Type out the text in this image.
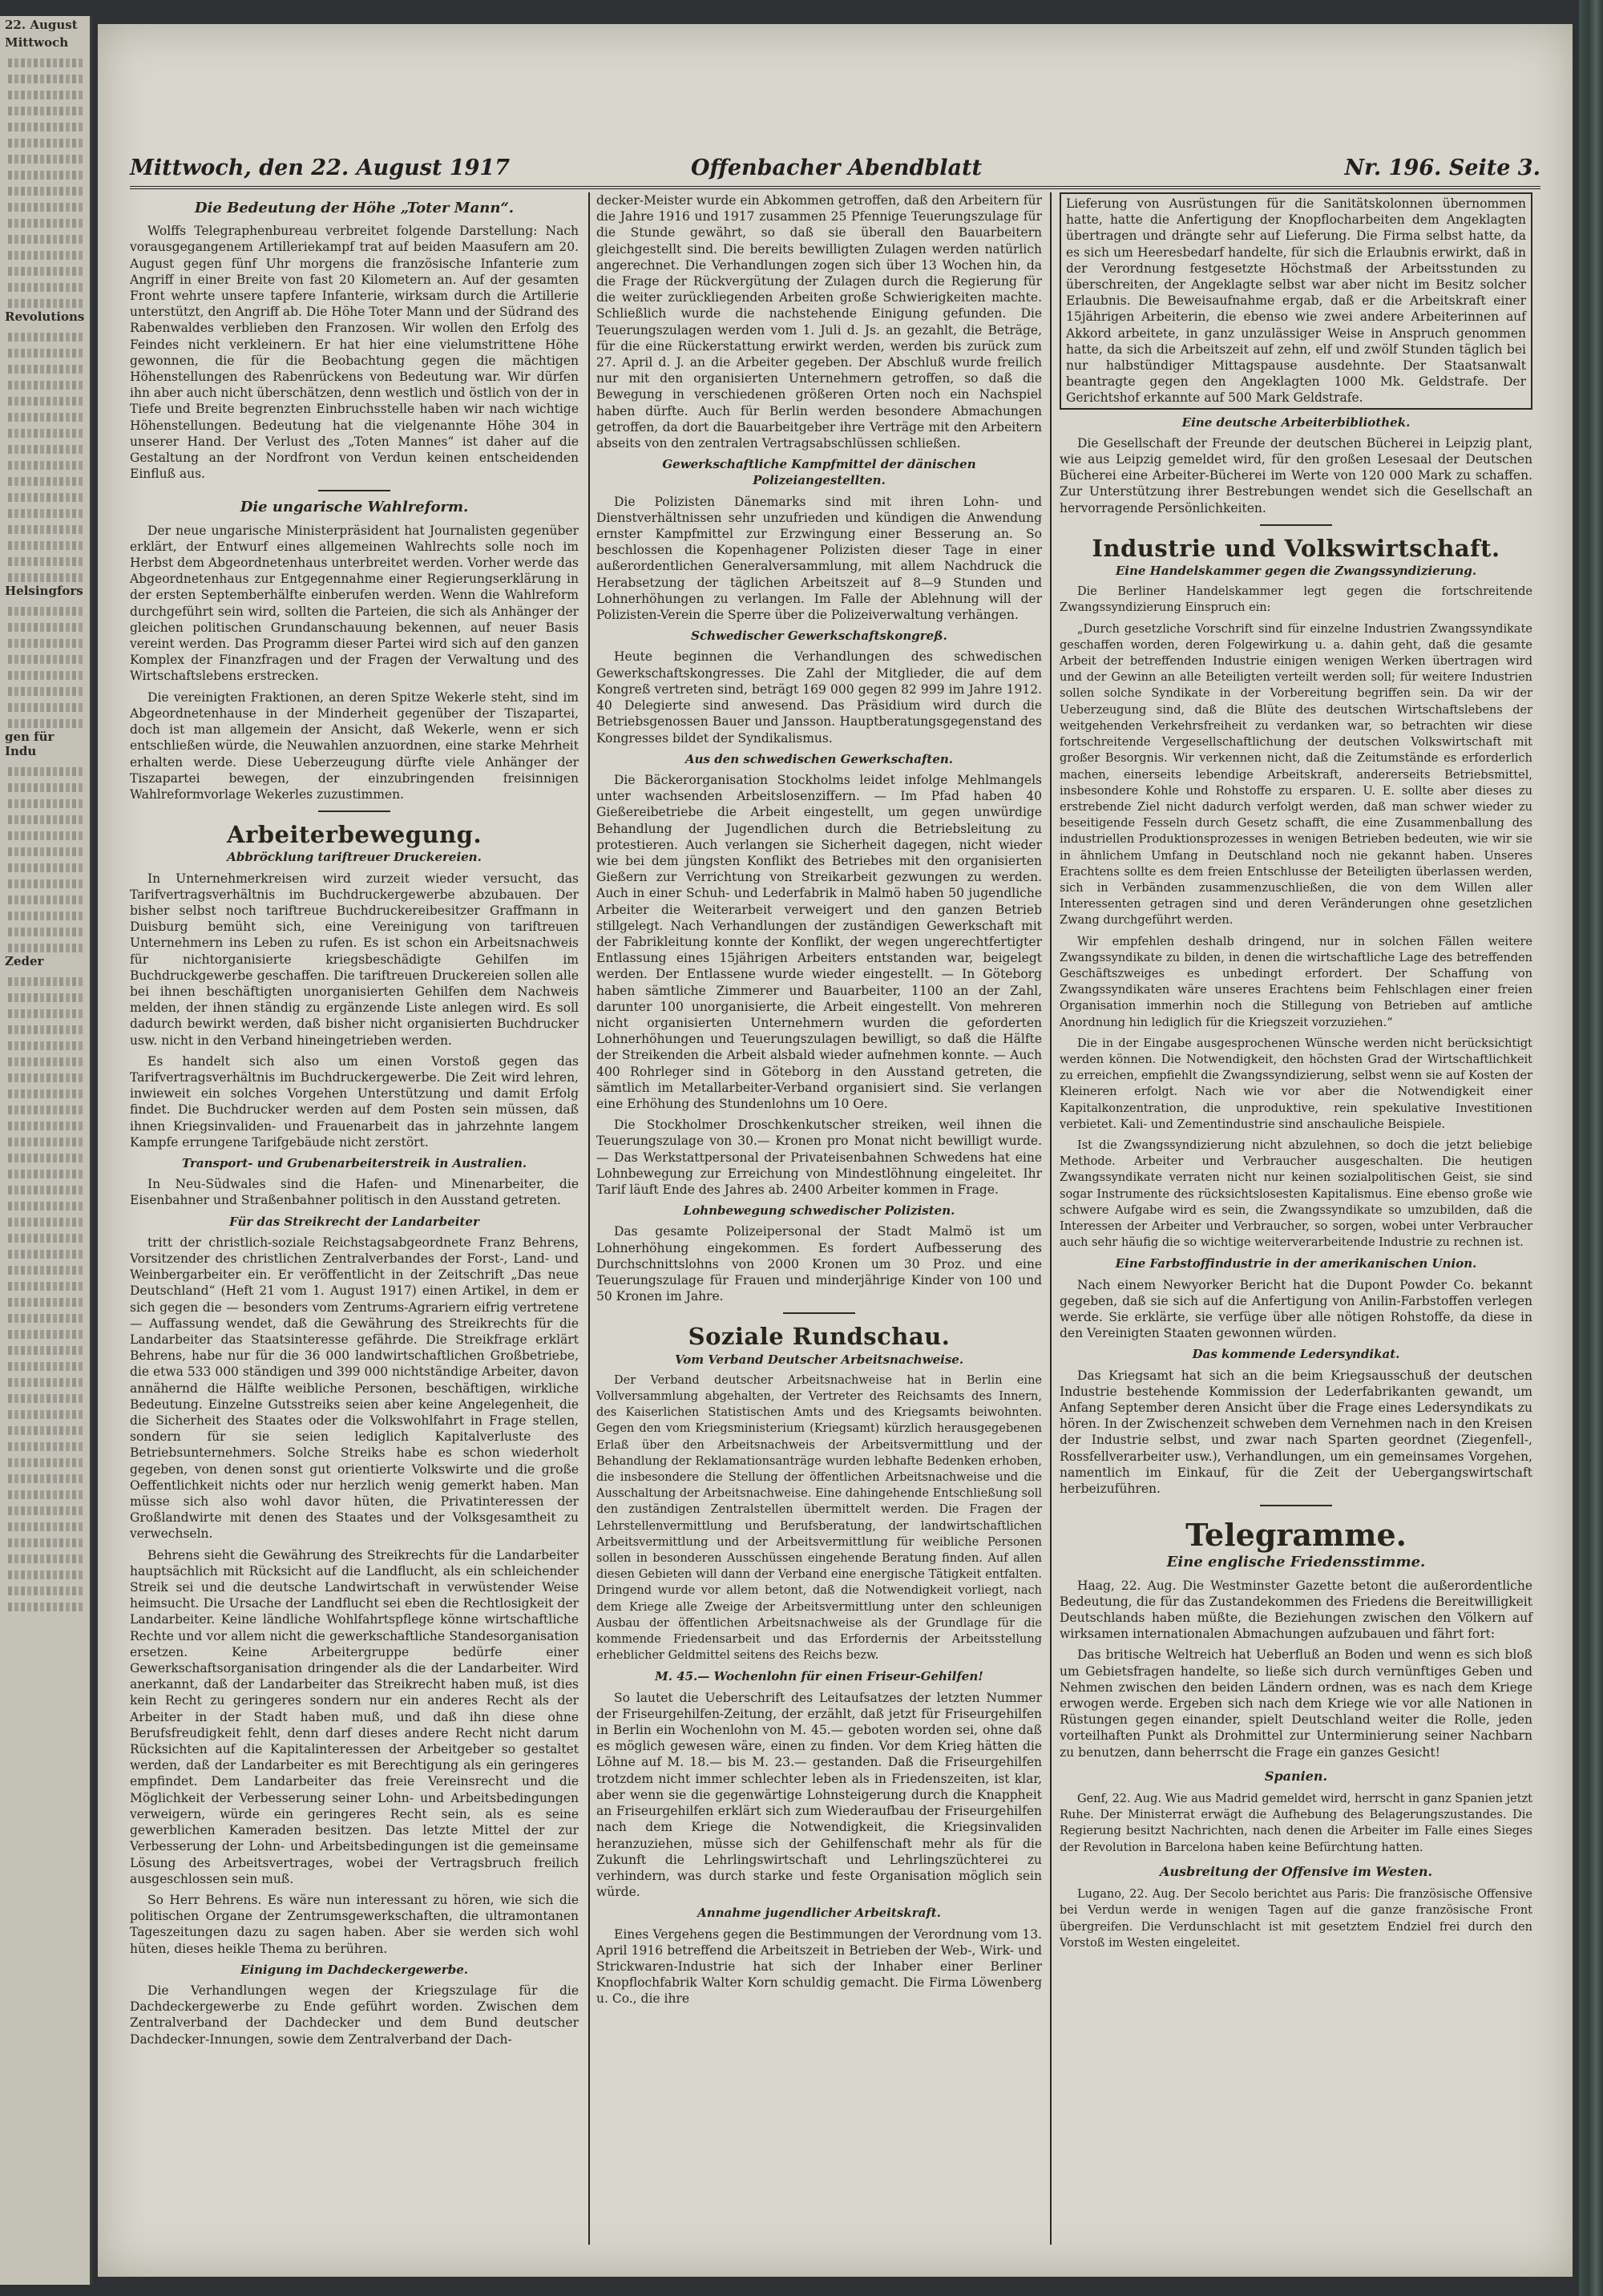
22. August
Mittwoch
Revolutions
Helsingfors
gen für Indu
Zeder
Mittwoch, den 22. August 1917	Offenbacher Abendblatt	Nr. 196. Seite 3.
Die Bedeutung der Höhe „Toter Mann“.

Wolffs Telegraphenbureau verbreitet folgende Darstellung: Nach vorausgegangenem Artilleriekampf trat auf beiden Maasufern am 20. August gegen fünf Uhr morgens die französische Infanterie zum Angriff in einer Breite von fast 20 Kilometern an. Auf der gesamten Front wehrte unsere tapfere Infanterie, wirksam durch die Artillerie unterstützt, den Angriff ab. Die Höhe Toter Mann und der Südrand des Rabenwaldes verblieben den Franzosen. Wir wollen den Erfolg des Feindes nicht verkleinern. Er hat hier eine vielumstrittene Höhe gewonnen, die für die Beobachtung gegen die mächtigen Höhenstellungen des Rabenrückens von Bedeutung war. Wir dürfen ihn aber auch nicht überschätzen, denn westlich und östlich von der in Tiefe und Breite begrenzten Einbruchsstelle haben wir nach wichtige Höhenstellungen. Bedeutung hat die vielgenannte Höhe 304 in unserer Hand. Der Verlust des „Toten Mannes“ ist daher auf die Gestaltung an der Nordfront von Verdun keinen entscheidenden Einfluß aus.

Die ungarische Wahlreform.

Der neue ungarische Ministerpräsident hat Journalisten gegenüber erklärt, der Entwurf eines allgemeinen Wahlrechts solle noch im Herbst dem Abgeordnetenhaus unterbreitet werden. Vorher werde das Abgeordnetenhaus zur Entgegennahme einer Regierungserklärung in der ersten Septemberhälfte einberufen werden. Wenn die Wahlreform durchgeführt sein wird, sollten die Parteien, die sich als Anhänger der gleichen politischen Grundanschauung bekennen, auf neuer Basis vereint werden. Das Programm dieser Partei wird sich auf den ganzen Komplex der Finanzfragen und der Fragen der Verwaltung und des Wirtschaftslebens erstrecken.

Die vereinigten Fraktionen, an deren Spitze Wekerle steht, sind im Abgeordnetenhause in der Minderheit gegenüber der Tiszapartei, doch ist man allgemein der Ansicht, daß Wekerle, wenn er sich entschließen würde, die Neuwahlen anzuordnen, eine starke Mehrheit erhalten werde. Diese Ueberzeugung dürfte viele Anhänger der Tiszapartei bewegen, der einzubringenden freisinnigen Wahlreformvorlage Wekerles zuzustimmen.

Arbeiterbewegung.
Abbröcklung tariftreuer Druckereien.

In Unternehmerkreisen wird zurzeit wieder versucht, das Tarifvertragsverhältnis im Buchdruckergewerbe abzubauen. Der bisher selbst noch tariftreue Buchdruckereibesitzer Graffmann in Duisburg bemüht sich, eine Vereinigung von tariftreuen Unternehmern ins Leben zu rufen. Es ist schon ein Arbeitsnachweis für nichtorganisierte kriegsbeschädigte Gehilfen im Buchdruckgewerbe geschaffen. Die tariftreuen Druckereien sollen alle bei ihnen beschäftigten unorganisierten Gehilfen dem Nachweis melden, der ihnen ständig zu ergänzende Liste anlegen wird. Es soll dadurch bewirkt werden, daß bisher nicht organisierten Buchdrucker usw. nicht in den Verband hineingetrieben werden.

Es handelt sich also um einen Vorstoß gegen das Tarifvertragsverhältnis im Buchdruckergewerbe. Die Zeit wird lehren, inwieweit ein solches Vorgehen Unterstützung und damit Erfolg findet. Die Buchdrucker werden auf dem Posten sein müssen, daß ihnen Kriegsinvaliden- und Frauenarbeit das in jahrzehnte langem Kampfe errungene Tarifgebäude nicht zerstört.

Transport- und Grubenarbeiterstreik in Australien.

In Neu-Südwales sind die Hafen- und Minenarbeiter, die Eisenbahner und Straßenbahner politisch in den Ausstand getreten.

Für das Streikrecht der Landarbeiter

tritt der christlich-soziale Reichstagsabgeordnete Franz Behrens, Vorsitzender des christlichen Zentralverbandes der Forst-, Land- und Weinbergarbeiter ein. Er veröffentlicht in der Zeitschrift „Das neue Deutschland“ (Heft 21 vom 1. August 1917) einen Artikel, in dem er sich gegen die — besonders vom Zentrums-Agrariern eifrig vertretene — Auffassung wendet, daß die Gewährung des Streikrechts für die Landarbeiter das Staatsinteresse gefährde. Die Streikfrage erklärt Behrens, habe nur für die 36 000 landwirtschaftlichen Großbetriebe, die etwa 533 000 ständigen und 399 000 nichtständige Arbeiter, davon annähernd die Hälfte weibliche Personen, beschäftigen, wirkliche Bedeutung. Einzelne Gutsstreiks seien aber keine Angelegenheit, die die Sicherheit des Staates oder die Volkswohlfahrt in Frage stellen, sondern für sie seien lediglich Kapitalverluste des Betriebsunternehmers. Solche Streiks habe es schon wiederholt gegeben, von denen sonst gut orientierte Volkswirte und die große Oeffentlichkeit nichts oder nur herzlich wenig gemerkt haben. Man müsse sich also wohl davor hüten, die Privatinteressen der Großlandwirte mit denen des Staates und der Volksgesamtheit zu verwechseln.

Behrens sieht die Gewährung des Streikrechts für die Landarbeiter hauptsächlich mit Rücksicht auf die Landflucht, als ein schleichender Streik sei und die deutsche Landwirtschaft in verwüstender Weise heimsucht. Die Ursache der Landflucht sei eben die Rechtlosigkeit der Landarbeiter. Keine ländliche Wohlfahrtspflege könne wirtschaftliche Rechte und vor allem nicht die gewerkschaftliche Standesorganisation ersetzen. Keine Arbeitergruppe bedürfe einer Gewerkschaftsorganisation dringender als die der Landarbeiter. Wird anerkannt, daß der Landarbeiter das Streikrecht haben muß, ist dies kein Recht zu geringeres sondern nur ein anderes Recht als der Arbeiter in der Stadt haben muß, und daß ihn diese ohne Berufsfreudigkeit fehlt, denn darf dieses andere Recht nicht darum Rücksichten auf die Kapitalinteressen der Arbeitgeber so gestaltet werden, daß der Landarbeiter es mit Berechtigung als ein geringeres empfindet. Dem Landarbeiter das freie Vereinsrecht und die Möglichkeit der Verbesserung seiner Lohn- und Arbeitsbedingungen verweigern, würde ein geringeres Recht sein, als es seine gewerblichen Kameraden besitzen. Das letzte Mittel der zur Verbesserung der Lohn- und Arbeitsbedingungen ist die gemeinsame Lösung des Arbeitsvertrages, wobei der Vertragsbruch freilich ausgeschlossen sein muß.

So Herr Behrens. Es wäre nun interessant zu hören, wie sich die politischen Organe der Zentrumsgewerkschaften, die ultramontanen Tageszeitungen dazu zu sagen haben. Aber sie werden sich wohl hüten, dieses heikle Thema zu berühren.

Einigung im Dachdeckergewerbe.

Die Verhandlungen wegen der Kriegszulage für die Dachdeckergewerbe zu Ende geführt worden. Zwischen dem Zentralverband der Dachdecker und dem Bund deutscher Dachdecker-Innungen, sowie dem Zentralverband der Dach-

decker-Meister wurde ein Abkommen getroffen, daß den Arbeitern für die Jahre 1916 und 1917 zusammen 25 Pfennige Teuerungszulage für die Stunde gewährt, so daß sie überall den Bauarbeitern gleichgestellt sind. Die bereits bewilligten Zulagen werden natürlich angerechnet. Die Verhandlungen zogen sich über 13 Wochen hin, da die Frage der Rückvergütung der Zulagen durch die Regierung für die weiter zurückliegenden Arbeiten große Schwierigkeiten machte. Schließlich wurde die nachstehende Einigung gefunden. Die Teuerungszulagen werden vom 1. Juli d. Js. an gezahlt, die Beträge, für die eine Rückerstattung erwirkt werden, werden bis zurück zum 27. April d. J. an die Arbeiter gegeben. Der Abschluß wurde freilich nur mit den organisierten Unternehmern getroffen, so daß die Bewegung in verschiedenen größeren Orten noch ein Nachspiel haben dürfte. Auch für Berlin werden besondere Abmachungen getroffen, da dort die Bauarbeitgeber ihre Verträge mit den Arbeitern abseits von den zentralen Vertragsabschlüssen schließen.

Gewerkschaftliche Kampfmittel der dänischen Polizeiangestellten.

Die Polizisten Dänemarks sind mit ihren Lohn- und Dienstverhältnissen sehr unzufrieden und kündigen die Anwendung ernster Kampfmittel zur Erzwingung einer Besserung an. So beschlossen die Kopenhagener Polizisten dieser Tage in einer außerordentlichen Generalversammlung, mit allem Nachdruck die Herabsetzung der täglichen Arbeitszeit auf 8—9 Stunden und Lohnerhöhungen zu verlangen. Im Falle der Ablehnung will der Polizisten-Verein die Sperre über die Polizeiverwaltung verhängen.

Schwedischer Gewerkschaftskongreß.

Heute beginnen die Verhandlungen des schwedischen Gewerkschaftskongresses. Die Zahl der Mitglieder, die auf dem Kongreß vertreten sind, beträgt 169 000 gegen 82 999 im Jahre 1912. 40 Delegierte sind anwesend. Das Präsidium wird durch die Betriebsgenossen Bauer und Jansson. Hauptberatungsgegenstand des Kongresses bildet der Syndikalismus.

Aus den schwedischen Gewerkschaften.

Die Bäckerorganisation Stockholms leidet infolge Mehlmangels unter wachsenden Arbeitslosenziffern. — Im Pfad haben 40 Gießereibetriebe die Arbeit eingestellt, um gegen unwürdige Behandlung der Jugendlichen durch die Betriebsleitung zu protestieren. Auch verlangen sie Sicherheit dagegen, nicht wieder wie bei dem jüngsten Konflikt des Betriebes mit den organisierten Gießern zur Verrichtung von Streikarbeit gezwungen zu werden. Auch in einer Schuh- und Lederfabrik in Malmö haben 50 jugendliche Arbeiter die Weiterarbeit verweigert und den ganzen Betrieb stillgelegt. Nach Verhandlungen der zuständigen Gewerkschaft mit der Fabrikleitung konnte der Konflikt, der wegen ungerechtfertigter Entlassung eines 15jährigen Arbeiters entstanden war, beigelegt werden. Der Entlassene wurde wieder eingestellt. — In Göteborg haben sämtliche Zimmerer und Bauarbeiter, 1100 an der Zahl, darunter 100 unorganisierte, die Arbeit eingestellt. Von mehreren nicht organisierten Unternehmern wurden die geforderten Lohnerhöhungen und Teuerungszulagen bewilligt, so daß die Hälfte der Streikenden die Arbeit alsbald wieder aufnehmen konnte. — Auch 400 Rohrleger sind in Göteborg in den Ausstand getreten, die sämtlich im Metallarbeiter-Verband organisiert sind. Sie verlangen eine Erhöhung des Stundenlohns um 10 Oere.

Die Stockholmer Droschkenkutscher streiken, weil ihnen die Teuerungszulage von 30.— Kronen pro Monat nicht bewilligt wurde. — Das Werkstattpersonal der Privateisenbahnen Schwedens hat eine Lohnbewegung zur Erreichung von Mindestlöhnung eingeleitet. Ihr Tarif läuft Ende des Jahres ab. 2400 Arbeiter kommen in Frage.

Lohnbewegung schwedischer Polizisten.

Das gesamte Polizeipersonal der Stadt Malmö ist um Lohnerhöhung eingekommen. Es fordert Aufbesserung des Durchschnittslohns von 2000 Kronen um 30 Proz. und eine Teuerungszulage für Frauen und minderjährige Kinder von 100 und 50 Kronen im Jahre.

Soziale Rundschau.
Vom Verband Deutscher Arbeitsnachweise.

Der Verband deutscher Arbeitsnachweise hat in Berlin eine Vollversammlung abgehalten, der Vertreter des Reichsamts des Innern, des Kaiserlichen Statistischen Amts und des Kriegsamts beiwohnten. Gegen den vom Kriegsministerium (Kriegsamt) kürzlich herausgegebenen Erlaß über den Arbeitsnachweis der Arbeitsvermittlung und der Behandlung der Reklamationsanträge wurden lebhafte Bedenken erhoben, die insbesondere die Stellung der öffentlichen Arbeitsnachweise und die Ausschaltung der Arbeitsnachweise. Eine dahingehende Entschließung soll den zuständigen Zentralstellen übermittelt werden. Die Fragen der Lehrstellenvermittlung und Berufsberatung, der landwirtschaftlichen Arbeitsvermittlung und der Arbeitsvermittlung für weibliche Personen sollen in besonderen Ausschüssen eingehende Beratung finden. Auf allen diesen Gebieten will dann der Verband eine energische Tätigkeit entfalten. Dringend wurde vor allem betont, daß die Notwendigkeit vorliegt, nach dem Kriege alle Zweige der Arbeitsvermittlung unter den schleunigen Ausbau der öffentlichen Arbeitsnachweise als der Grundlage für die kommende Friedensarbeit und das Erfordernis der Arbeitsstellung erheblicher Geldmittel seitens des Reichs bezw.

M. 45.— Wochenlohn für einen Friseur-Gehilfen!

So lautet die Ueberschrift des Leitaufsatzes der letzten Nummer der Friseurgehilfen-Zeitung, der erzählt, daß jetzt für Friseurgehilfen in Berlin ein Wochenlohn von M. 45.— geboten worden sei, ohne daß es möglich gewesen wäre, einen zu finden. Vor dem Krieg hätten die Löhne auf M. 18.— bis M. 23.— gestanden. Daß die Friseurgehilfen trotzdem nicht immer schlechter leben als in Friedenszeiten, ist klar, aber wenn sie die gegenwärtige Lohnsteigerung durch die Knappheit an Friseurgehilfen erklärt sich zum Wiederaufbau der Friseurgehilfen nach dem Kriege die Notwendigkeit, die Kriegsinvaliden heranzuziehen, müsse sich der Gehilfenschaft mehr als für die Zukunft die Lehrlingswirtschaft und Lehrlingszüchterei zu verhindern, was durch starke und feste Organisation möglich sein würde.

Annahme jugendlicher Arbeitskraft.

Eines Vergehens gegen die Bestimmungen der Verordnung vom 13. April 1916 betreffend die Arbeitszeit in Betrieben der Web-, Wirk- und Strickwaren-Industrie hat sich der Inhaber einer Berliner Knopflochfabrik Walter Korn schuldig gemacht. Die Firma Löwenberg u. Co., die ihre

Lieferung von Ausrüstungen für die Sanitätskolonnen übernommen hatte, hatte die Anfertigung der Knopflocharbeiten dem Angeklagten übertragen und drängte sehr auf Lieferung. Die Firma selbst hatte, da es sich um Heeresbedarf handelte, für sich die Erlaubnis erwirkt, daß in der Verordnung festgesetzte Höchstmaß der Arbeitsstunden zu überschreiten, der Angeklagte selbst war aber nicht im Besitz solcher Erlaubnis. Die Beweisaufnahme ergab, daß er die Arbeitskraft einer 15jährigen Arbeiterin, die ebenso wie zwei andere Arbeiterinnen auf Akkord arbeitete, in ganz unzulässiger Weise in Anspruch genommen hatte, da sich die Arbeitszeit auf zehn, elf und zwölf Stunden täglich bei nur halbstündiger Mittagspause ausdehnte. Der Staatsanwalt beantragte gegen den Angeklagten 1000 Mk. Geldstrafe. Der Gerichtshof erkannte auf 500 Mark Geldstrafe.

Eine deutsche Arbeiterbibliothek.

Die Gesellschaft der Freunde der deutschen Bücherei in Leipzig plant, wie aus Leipzig gemeldet wird, für den großen Lesesaal der Deutschen Bücherei eine Arbeiter-Bücherei im Werte von 120 000 Mark zu schaffen. Zur Unterstützung ihrer Bestrebungen wendet sich die Gesellschaft an hervorragende Persönlichkeiten.

Industrie und Volkswirtschaft.
Eine Handelskammer gegen die Zwangssyndizierung.

Die Berliner Handelskammer legt gegen die fortschreitende Zwangssyndizierung Einspruch ein:

„Durch gesetzliche Vorschrift sind für einzelne Industrien Zwangssyndikate geschaffen worden, deren Folgewirkung u. a. dahin geht, daß die gesamte Arbeit der betreffenden Industrie einigen wenigen Werken übertragen wird und der Gewinn an alle Beteiligten verteilt werden soll; für weitere Industrien sollen solche Syndikate in der Vorbereitung begriffen sein. Da wir der Ueberzeugung sind, daß die Blüte des deutschen Wirtschaftslebens der weitgehenden Verkehrsfreiheit zu verdanken war, so betrachten wir diese fortschreitende Vergesellschaftlichung der deutschen Volkswirtschaft mit großer Besorgnis. Wir verkennen nicht, daß die Zeitumstände es erforderlich machen, einerseits lebendige Arbeitskraft, andererseits Betriebsmittel, insbesondere Kohle und Rohstoffe zu ersparen. U. E. sollte aber dieses zu erstrebende Ziel nicht dadurch verfolgt werden, daß man schwer wieder zu beseitigende Fesseln durch Gesetz schafft, die eine Zusammenballung des industriellen Produktionsprozesses in wenigen Betrieben bedeuten, wie wir sie in ähnlichem Umfang in Deutschland noch nie gekannt haben. Unseres Erachtens sollte es dem freien Entschlusse der Beteiligten überlassen werden, sich in Verbänden zusammenzuschließen, die von dem Willen aller Interessenten getragen sind und deren Veränderungen ohne gesetzlichen Zwang durchgeführt werden.

Wir empfehlen deshalb dringend, nur in solchen Fällen weitere Zwangssyndikate zu bilden, in denen die wirtschaftliche Lage des betreffenden Geschäftszweiges es unbedingt erfordert. Der Schaffung von Zwangssyndikaten wäre unseres Erachtens beim Fehlschlagen einer freien Organisation immerhin noch die Stillegung von Betrieben auf amtliche Anordnung hin lediglich für die Kriegszeit vorzuziehen.“

Die in der Eingabe ausgesprochenen Wünsche werden nicht berücksichtigt werden können. Die Notwendigkeit, den höchsten Grad der Wirtschaftlichkeit zu erreichen, empfiehlt die Zwangssyndizierung, selbst wenn sie auf Kosten der Kleineren erfolgt. Nach wie vor aber die Notwendigkeit einer Kapitalkonzentration, die unproduktive, rein spekulative Investitionen verbietet. Kali- und Zementindustrie sind anschauliche Beispiele.

Ist die Zwangssyndizierung nicht abzulehnen, so doch die jetzt beliebige Methode. Arbeiter und Verbraucher ausgeschalten. Die heutigen Zwangssyndikate verraten nicht nur keinen sozialpolitischen Geist, sie sind sogar Instrumente des rücksichtslosesten Kapitalismus. Eine ebenso große wie schwere Aufgabe wird es sein, die Zwangssyndikate so umzubilden, daß die Interessen der Arbeiter und Verbraucher, so sorgen, wobei unter Verbraucher auch sehr häufig die so wichtige weiterverarbeitende Industrie zu rechnen ist.

Eine Farbstoffindustrie in der amerikanischen Union.

Nach einem Newyorker Bericht hat die Dupont Powder Co. bekannt gegeben, daß sie sich auf die Anfertigung von Anilin-Farbstoffen verlegen werde. Sie erklärte, sie verfüge über alle nötigen Rohstoffe, da diese in den Vereinigten Staaten gewonnen würden.

Das kommende Ledersyndikat.

Das Kriegsamt hat sich an die beim Kriegsausschuß der deutschen Industrie bestehende Kommission der Lederfabrikanten gewandt, um Anfang September deren Ansicht über die Frage eines Ledersyndikats zu hören. In der Zwischenzeit schweben dem Vernehmen nach in den Kreisen der Industrie selbst, und zwar nach Sparten geordnet (Ziegenfell-, Rossfellverarbeiter usw.), Verhandlungen, um ein gemeinsames Vorgehen, namentlich im Einkauf, für die Zeit der Uebergangswirtschaft herbeizuführen.

Telegramme.
Eine englische Friedensstimme.

Haag, 22. Aug. Die Westminster Gazette betont die außerordentliche Bedeutung, die für das Zustandekommen des Friedens die Bereitwilligkeit Deutschlands haben müßte, die Beziehungen zwischen den Völkern auf wirksamen internationalen Abmachungen aufzubauen und fährt fort:

Das britische Weltreich hat Ueberfluß an Boden und wenn es sich bloß um Gebietsfragen handelte, so ließe sich durch vernünftiges Geben und Nehmen zwischen den beiden Ländern ordnen, was es nach dem Kriege erwogen werde. Ergeben sich nach dem Kriege wie vor alle Nationen in Rüstungen gegen einander, spielt Deutschland weiter die Rolle, jeden vorteilhaften Punkt als Drohmittel zur Unterminierung seiner Nachbarn zu benutzen, dann beherrscht die Frage ein ganzes Gesicht!

Spanien.

Genf, 22. Aug. Wie aus Madrid gemeldet wird, herrscht in ganz Spanien jetzt Ruhe. Der Ministerrat erwägt die Aufhebung des Belagerungszustandes. Die Regierung besitzt Nachrichten, nach denen die Arbeiter im Falle eines Sieges der Revolution in Barcelona haben keine Befürchtung hatten.

Ausbreitung der Offensive im Westen.

Lugano, 22. Aug. Der Secolo berichtet aus Paris: Die französische Offensive bei Verdun werde in wenigen Tagen auf die ganze französische Front übergreifen. Die Verdunschlacht ist mit gesetztem Endziel frei durch den Vorstoß im Westen eingeleitet.
